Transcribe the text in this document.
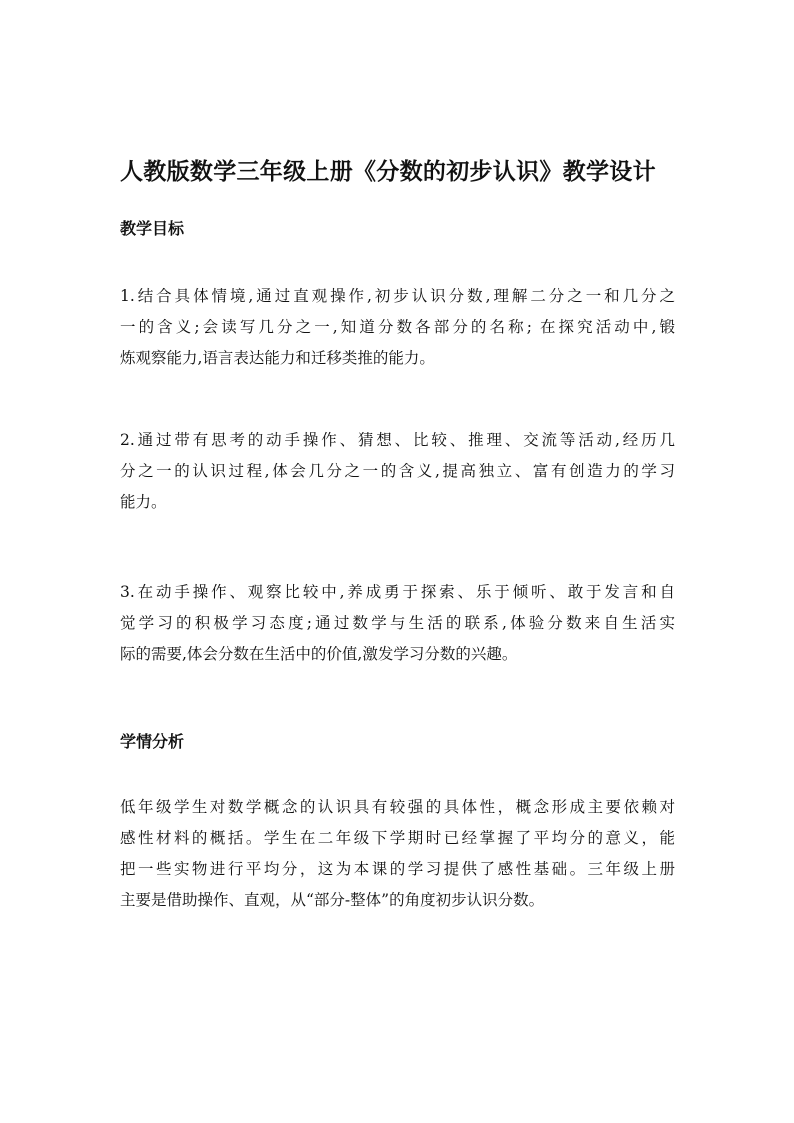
人教版数学三年级上册《分数的初步认识》教学设计
教学目标

1.结合具体情境,通过直观操作,初步认识分数,理解二分之一和几分之
一的含义;会读写几分之一,知道分数各部分的名称; 在探究活动中,锻
炼观察能力,语言表达能力和迁移类推的能力。

2.通过带有思考的动手操作、猜想、比较、推理、交流等活动,经历几
分之一的认识过程,体会几分之一的含义,提高独立、富有创造力的学习
能力。

3.在动手操作、观察比较中,养成勇于探索、乐于倾听、敢于发言和自
觉学习的积极学习态度;通过数学与生活的联系,体验分数来自生活实
际的需要,体会分数在生活中的价值,激发学习分数的兴趣。

学情分析

低年级学生对数学概念的认识具有较强的具体性，概念形成主要依赖对
感性材料的概括。学生在二年级下学期时已经掌握了平均分的意义，能
把一些实物进行平均分，这为本课的学习提供了感性基础。三年级上册
主要是借助操作、直观，从“部分-整体”的角度初步认识分数。
